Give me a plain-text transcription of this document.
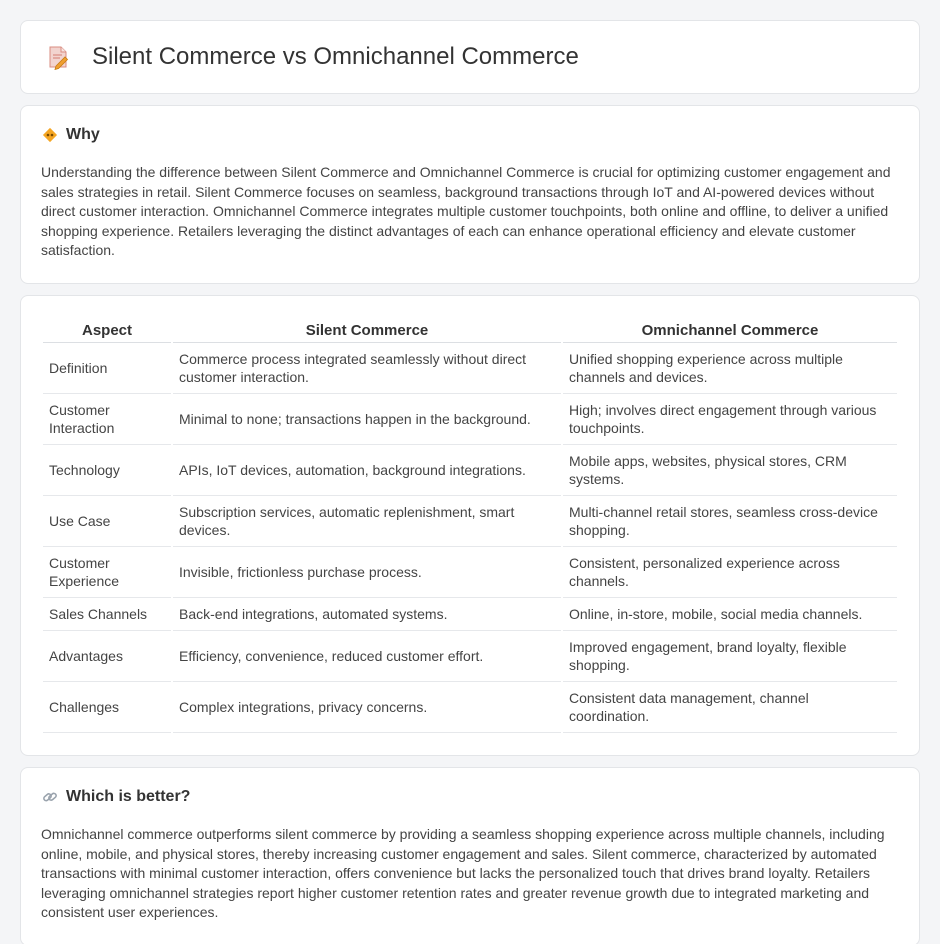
Silent Commerce vs Omnichannel Commerce
Why

Understanding the difference between Silent Commerce and Omnichannel Commerce is crucial for optimizing customer engagement and sales strategies in retail. Silent Commerce focuses on seamless, background transactions through IoT and AI-powered devices without direct customer interaction. Omnichannel Commerce integrates multiple customer touchpoints, both online and offline, to deliver a unified shopping experience. Retailers leveraging the distinct advantages of each can enhance operational efficiency and elevate customer satisfaction.

Aspect	Silent Commerce	Omnichannel Commerce
Definition	Commerce process integrated seamlessly without direct customer interaction.	Unified shopping experience across multiple channels and devices.
Customer Interaction	Minimal to none; transactions happen in the background.	High; involves direct engagement through various touchpoints.
Technology	APIs, IoT devices, automation, background integrations.	Mobile apps, websites, physical stores, CRM systems.
Use Case	Subscription services, automatic replenishment, smart devices.	Multi-channel retail stores, seamless cross-device shopping.
Customer Experience	Invisible, frictionless purchase process.	Consistent, personalized experience across channels.
Sales Channels	Back-end integrations, automated systems.	Online, in-store, mobile, social media channels.
Advantages	Efficiency, convenience, reduced customer effort.	Improved engagement, brand loyalty, flexible shopping.
Challenges	Complex integrations, privacy concerns.	Consistent data management, channel coordination.
Which is better?

Omnichannel commerce outperforms silent commerce by providing a seamless shopping experience across multiple channels, including online, mobile, and physical stores, thereby increasing customer engagement and sales. Silent commerce, characterized by automated transactions with minimal customer interaction, offers convenience but lacks the personalized touch that drives brand loyalty. Retailers leveraging omnichannel strategies report higher customer retention rates and greater revenue growth due to integrated marketing and consistent user experiences.
